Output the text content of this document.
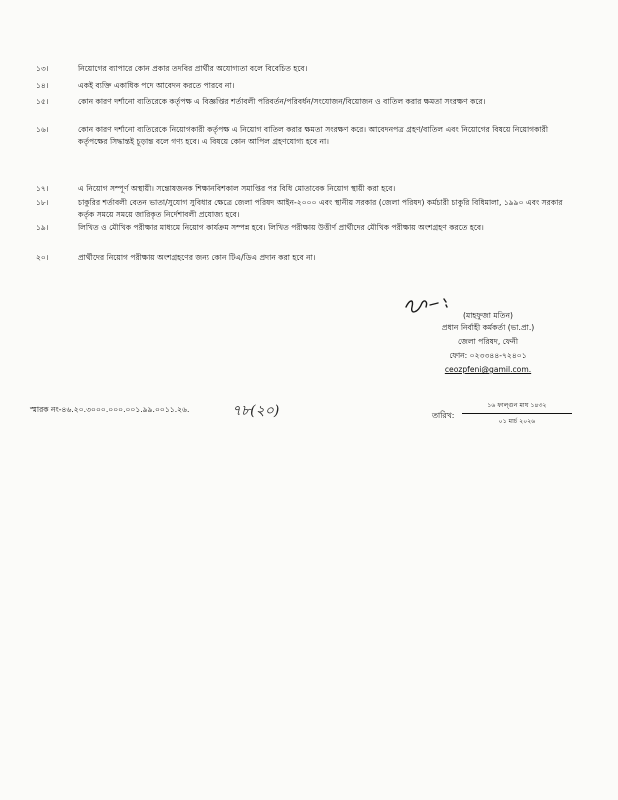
১৩।	নিয়োগের ব্যাপারে কোন প্রকার তদবির প্রার্থীর অযোগ্যতা বলে বিবেচিত হবে।
১৪।	একই ব্যক্তি একাধিক পদে আবেদন করতে পারবে না।
১৫।	কোন কারণ দর্শানো ব্যতিরেকে কর্তৃপক্ষ এ বিজ্ঞপ্তির শর্তাবলী পরিবর্তন/পরিবর্ধন/সংযোজন/বিয়োজন ও বাতিল করার ক্ষমতা সংরক্ষণ করে।
১৬।	কোন কারণ দর্শানো ব্যতিরেকে নিয়োগকারী কর্তৃপক্ষ এ নিয়োগ বাতিল করার ক্ষমতা সংরক্ষণ করে। আবেদনপত্র গ্রহণ/বাতিল এবং নিয়োগের বিষয়ে নিয়োগকারী কর্তৃপক্ষের সিদ্ধান্তই চূড়ান্ত বলে গণ্য হবে। এ বিষয়ে কোন আপিল গ্রহণযোগ্য হবে না।
১৭।	এ নিয়োগ সম্পূর্ণ অস্থায়ী। সন্তোষজনক শিক্ষানবিশকাল সমাপ্তির পর বিধি মোতাবেক নিয়োগ স্থায়ী করা হবে।
১৮।	চাকুরির শর্তাবলী বেতন ভাতা/সুযোগ সুবিধার ক্ষেত্রে জেলা পরিষদ আইন-২০০০ এবং স্থানীয় সরকার (জেলা পরিষদ) কর্মচারী চাকুরি বিধিমালা, ১৯৯০ এবং সরকার কর্তৃক সময়ে সময়ে জারিকৃত নির্দেশাবলী প্রযোজ্য হবে।
১৯।	লিখিত ও মৌখিক পরীক্ষার মাধ্যমে নিয়োগ কার্যক্রম সম্পন্ন হবে। লিখিত পরীক্ষায় উত্তীর্ণ প্রার্থীদের মৌখিক পরীক্ষায় অংশগ্রহণ করতে হবে।
২০।	প্রার্থীদের নিয়োগ পরীক্ষায় অংশগ্রহণের জন্য কোন টিএ/ডিএ প্রদান করা হবে না।
(মাহফুজা মতিন)
প্রধান নির্বাহী কর্মকর্তা (ভা.প্রা.)
জেলা পরিষদ, ফেনী
ফোন: ০২৩৩৪৪-৭২৪০১
ceozpfeni@gamil.com.
স্মারক নং-৪৬.২০.৩০০০.০০০.০০১.৯৯.০০১১.২৬.	৭৮(২০)	তারিখ:
১৬ ফাল্গুন মাঘ ১৪৩২
০১ মার্চ ২০২৬
